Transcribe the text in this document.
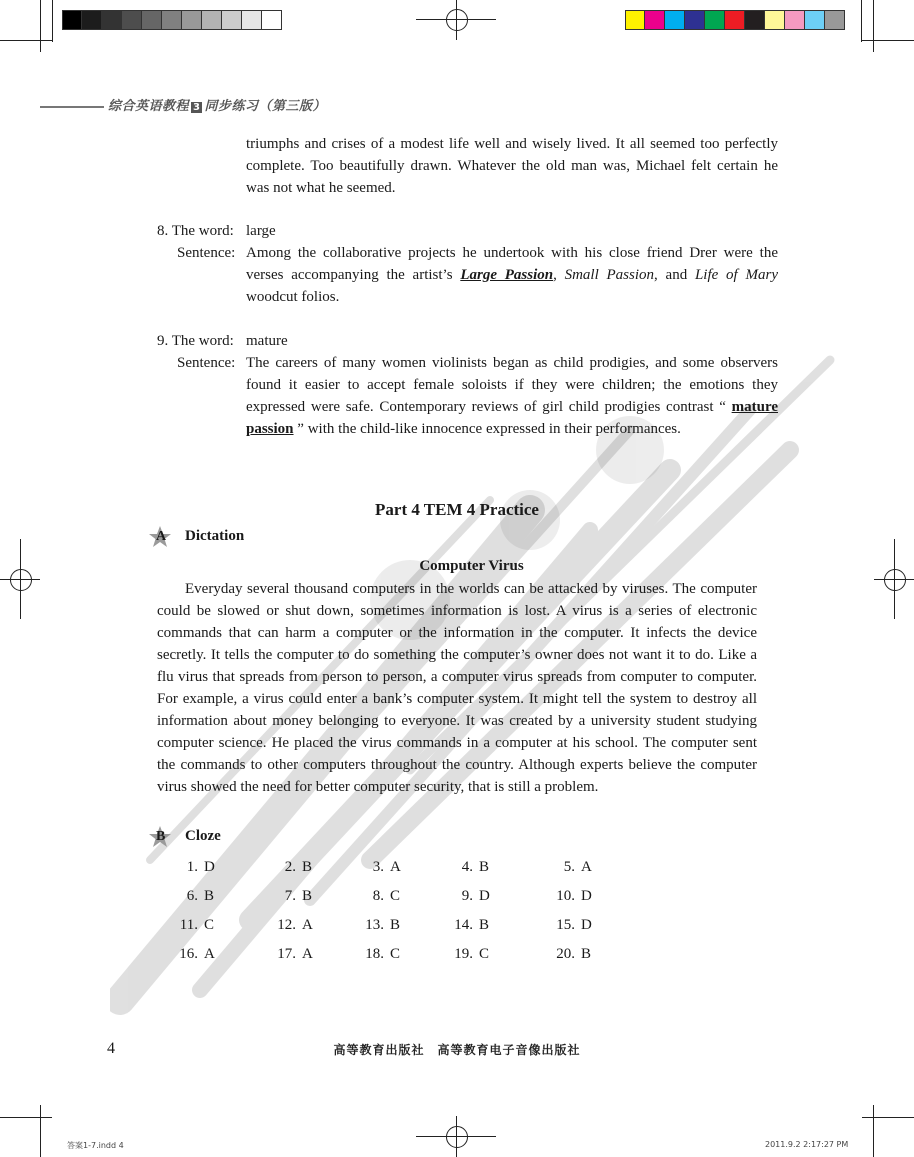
综合英语教程 3 同步练习（第三版）
triumphs and crises of a modest life well and wisely lived. It all seemed too perfectly complete. Too beautifully drawn. Whatever the old man was, Michael felt certain he was not what he seemed.
8. The word: large
Sentence: Among the collaborative projects he undertook with his close friend Drer were the verses accompanying the artist’s Large Passion, Small Passion, and Life of Mary woodcut folios.
9. The word: mature
Sentence: The careers of many women violinists began as child prodigies, and some observers found it easier to accept female soloists if they were children; the emotions they expressed were safe. Contemporary reviews of girl child prodigies contrast “ mature passion ” with the child-like innocence expressed in their performances.
Part 4 TEM 4 Practice
A Dictation
Computer Virus
Everyday several thousand computers in the worlds can be attacked by viruses. The computer could be slowed or shut down, sometimes information is lost. A virus is a series of electronic commands that can harm a computer or the information in the computer. It infects the device secretly. It tells the computer to do something the computer’s owner does not want it to do. Like a flu virus that spreads from person to person, a computer virus spreads from computer to computer. For example, a virus could enter a bank’s computer system. It might tell the system to destroy all information about money belonging to everyone. It was created by a university student studying computer science. He placed the virus commands in a computer at his school. The computer sent the commands to other computers throughout the country. Although experts believe the computer virus showed the need for better computer security, that is still a problem.
B Cloze
1. D	2. B	3. A	4. B	5. A
6. B	7. B	8. C	9. D	10. D
11. C	12. A	13. B	14. B	15. D
16. A	17. A	18. C	19. C	20. B
4	高等教育出版社　高等教育电子音像出版社
答案1-7.indd 4	2011.9.2 2:17:27 PM
